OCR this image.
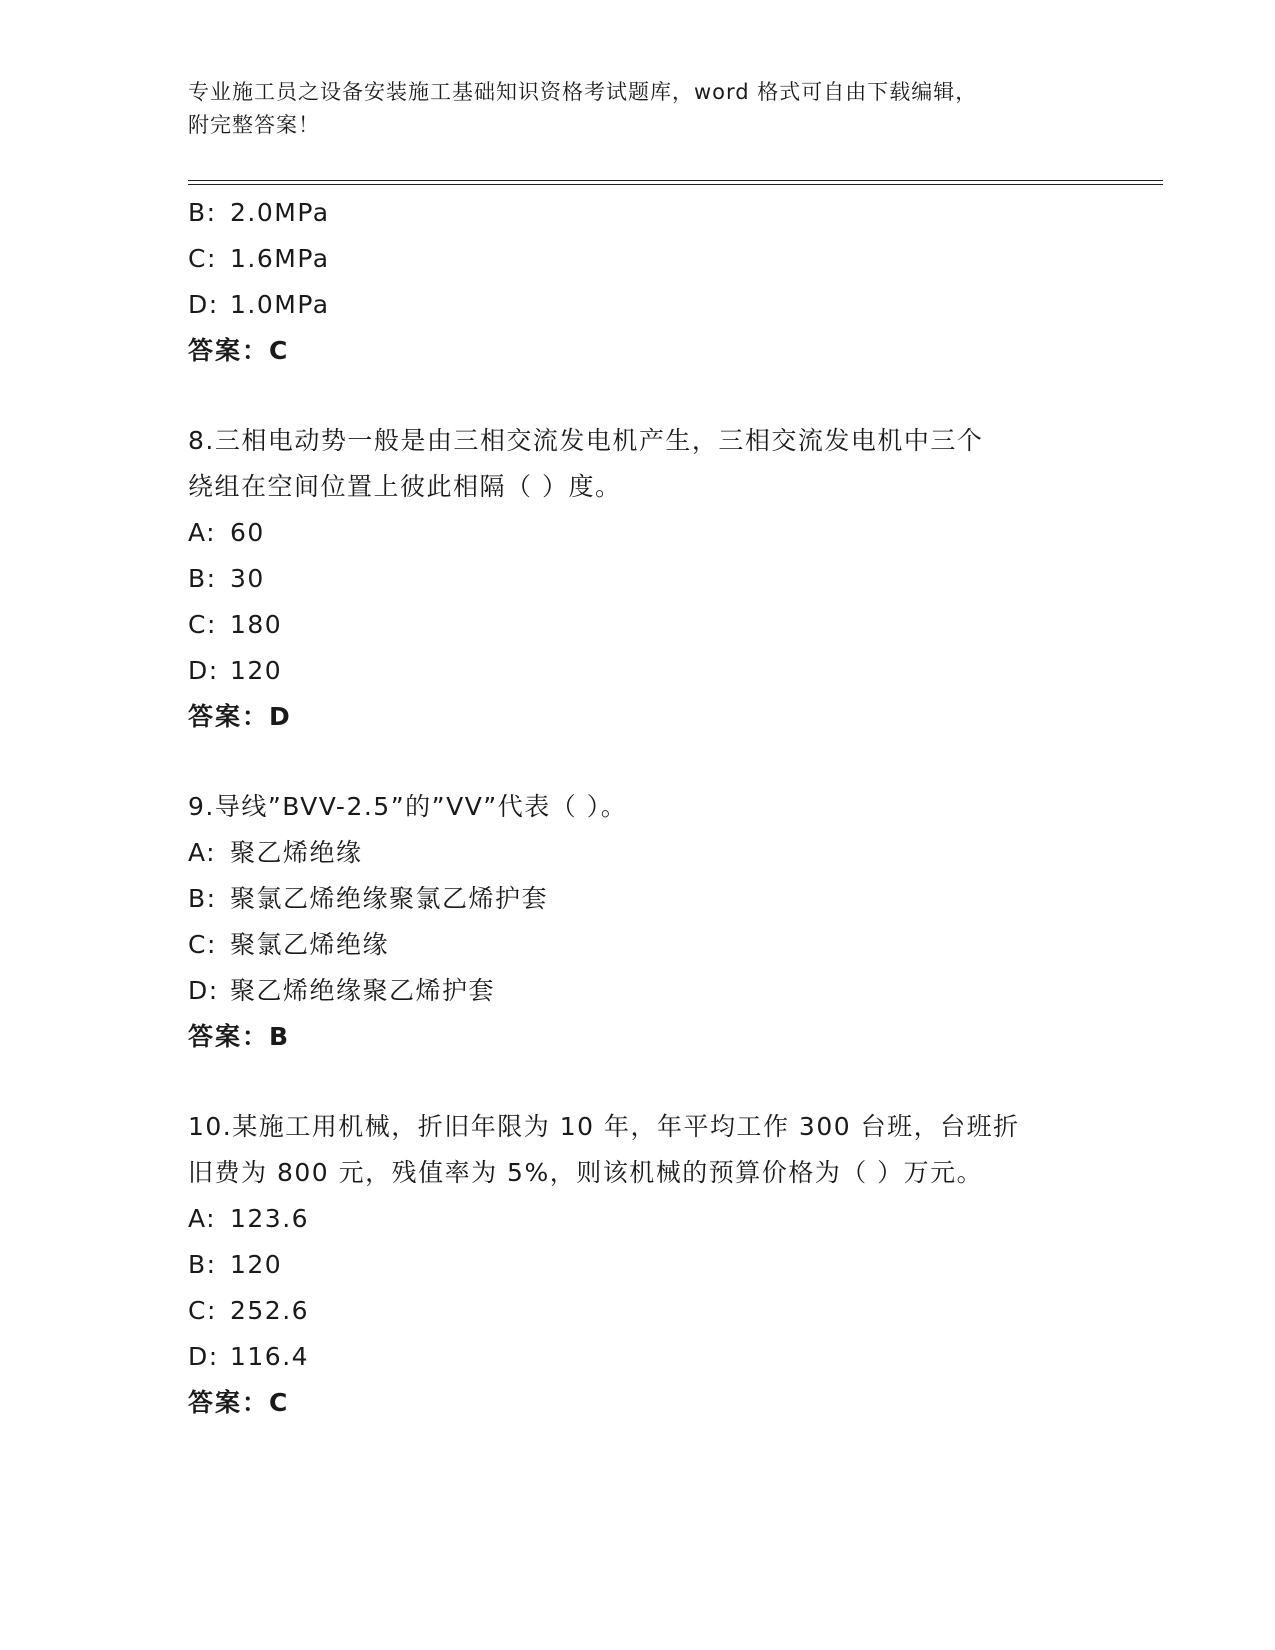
专业施工员之设备安装施工基础知识资格考试题库，word 格式可自由下载编辑，
附完整答案！
B: 2.0MPa
C: 1.6MPa
D: 1.0MPa
答案：C
8.三相电动势一般是由三相交流发电机产生，三相交流发电机中三个
绕组在空间位置上彼此相隔（ ）度。
A: 60
B: 30
C: 180
D: 120
答案：D
9.导线”BVV-2.5”的”VV”代表（ ）。
A: 聚乙烯绝缘
B: 聚氯乙烯绝缘聚氯乙烯护套
C: 聚氯乙烯绝缘
D: 聚乙烯绝缘聚乙烯护套
答案：B
10.某施工用机械，折旧年限为 10 年，年平均工作 300 台班，台班折
旧费为 800 元，残值率为 5%，则该机械的预算价格为（ ）万元。
A: 123.6
B: 120
C: 252.6
D: 116.4
答案：C
